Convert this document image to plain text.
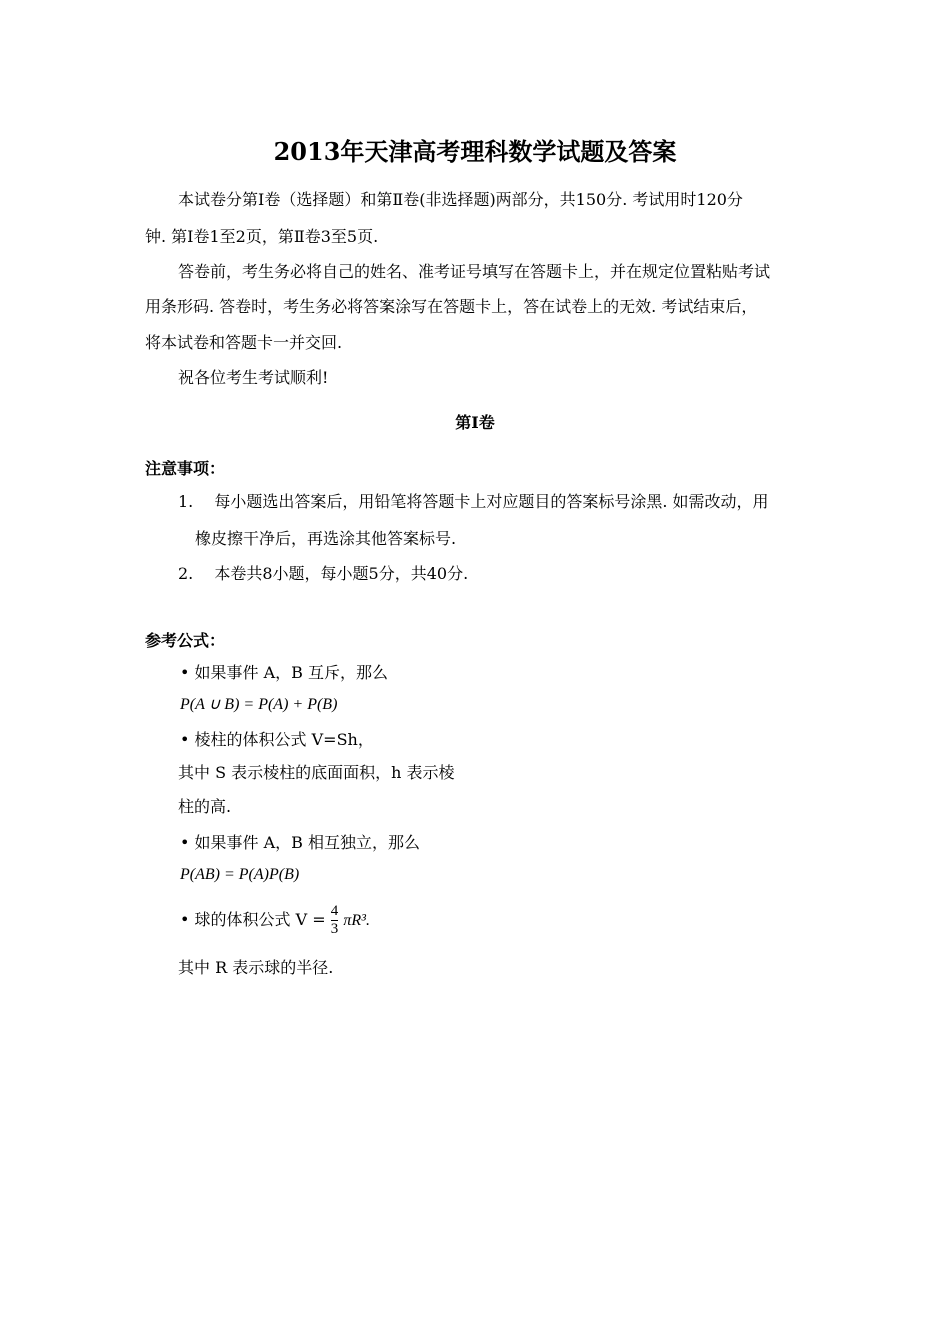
2013年天津高考理科数学试题及答案
本试卷分第Ⅰ卷（选择题）和第Ⅱ卷(非选择题)两部分，共150分. 考试用时120分
钟. 第Ⅰ卷1至2页，第Ⅱ卷3至5页.
答卷前，考生务必将自己的姓名、准考证号填写在答题卡上，并在规定位置粘贴考试
用条形码. 答卷时，考生务必将答案涂写在答题卡上，答在试卷上的无效. 考试结束后，
将本试卷和答题卡一并交回.
祝各位考生考试顺利!
第Ⅰ卷
注意事项：
1.　 每小题选出答案后，用铅笔将答题卡上对应题目的答案标号涂黑. 如需改动，用
橡皮擦干净后，再选涂其他答案标号.
2.　 本卷共8小题，每小题5分，共40分.
参考公式：
• 如果事件 A，B 互斥，那么
P(A ∪ B) = P(A) + P(B)
• 棱柱的体积公式 V=Sh，
其中 S 表示棱柱的底面面积，h 表示棱
柱的高.
• 如果事件 A，B 相互独立，那么
P(AB) = P(A)P(B)
• 球的体积公式 $V = \frac{4}{3} \pi R^3$.
其中 R 表示球的半径.
